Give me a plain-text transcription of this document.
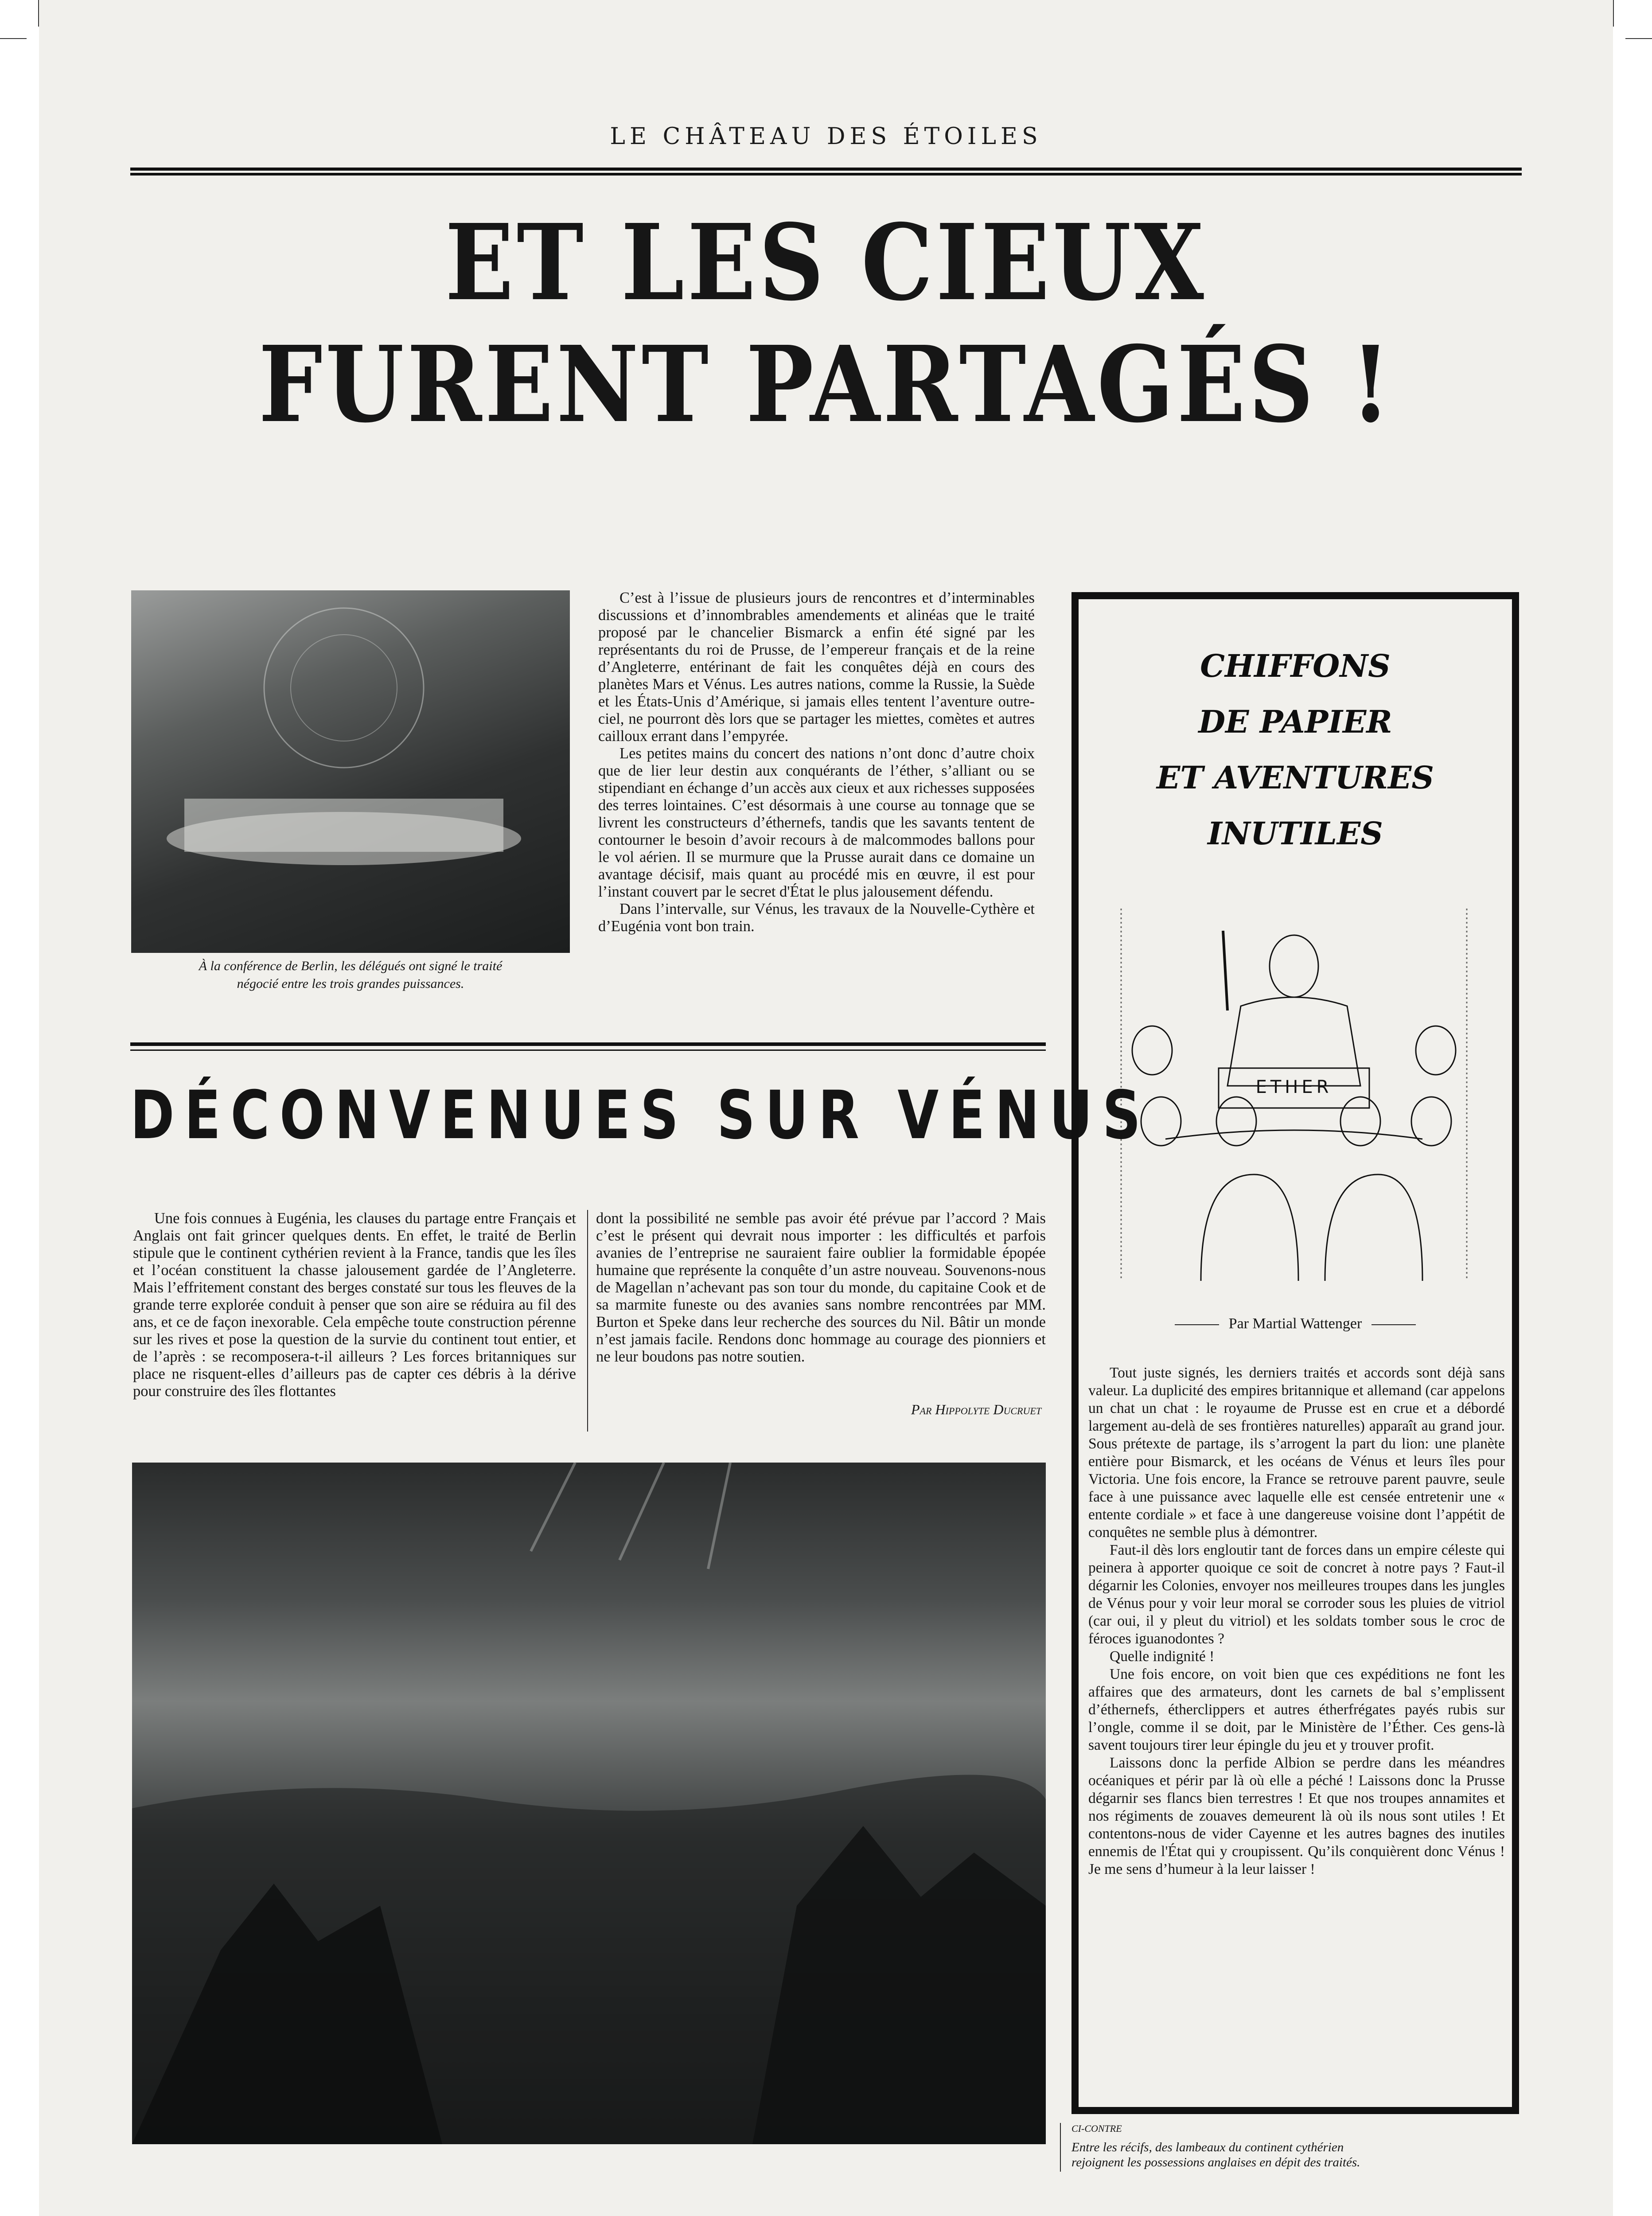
LE CHÂTEAU DES ÉTOILES
ET LES CIEUX
FURENT PARTAGÉS !
À la conférence de Berlin, les délégués ont signé le traité
négocié entre les trois grandes puissances.

C’est à l’issue de plusieurs jours de rencontres et d’interminables discussions et d’innombrables amendements et alinéas que le traité proposé par le chancelier Bismarck a enfin été signé par les représentants du roi de Prusse, de l’empereur français et de la reine d’Angleterre, entérinant de fait les conquêtes déjà en cours des planètes Mars et Vénus. Les autres nations, comme la Russie, la Suède et les États-Unis d’Amérique, si jamais elles tentent l’aventure outre-ciel, ne pourront dès lors que se partager les miettes, comètes et autres cailloux errant dans l’empyrée.

Les petites mains du concert des nations n’ont donc d’autre choix que de lier leur destin aux conquérants de l’éther, s’alliant ou se stipendiant en échange d’un accès aux cieux et aux richesses supposées des terres lointaines. C’est désormais à une course au tonnage que se livrent les constructeurs d’éthernefs, tandis que les savants tentent de contourner le besoin d’avoir recours à de malcommodes ballons pour le vol aérien. Il se murmure que la Prusse aurait dans ce domaine un avantage décisif, mais quant au procédé mis en œuvre, il est pour l’instant couvert par le secret d'État le plus jalousement défendu.

Dans l’intervalle, sur Vénus, les travaux de la Nouvelle-Cythère et d’Eugénia vont bon train.

DÉCONVENUES SUR VÉNUS

Une fois connues à Eugénia, les clauses du partage entre Français et Anglais ont fait grincer quelques dents. En effet, le traité de Berlin stipule que le continent cythérien revient à la France, tandis que les îles et l’océan constituent la chasse jalousement gardée de l’Angleterre. Mais l’effritement constant des berges constaté sur tous les fleuves de la grande terre explorée conduit à penser que son aire se réduira au fil des ans, et ce de façon inexorable. Cela empêche toute construction pérenne sur les rives et pose la question de la survie du continent tout entier, et de l’après : se recomposera-t-il ailleurs ? Les forces britanniques sur place ne risquent-elles d’ailleurs pas de capter ces débris à la dérive pour construire des îles flottantes

dont la possibilité ne semble pas avoir été prévue par l’accord ? Mais c’est le présent qui devrait nous importer : les difficultés et parfois avanies de l’entreprise ne sauraient faire oublier la formidable épopée humaine que représente la conquête d’un astre nouveau. Souvenons-nous de Magellan n’achevant pas son tour du monde, du capitaine Cook et de sa marmite funeste ou des avanies sans nombre rencontrées par MM. Burton et Speke dans leur recherche des sources du Nil. Bâtir un monde n’est jamais facile. Rendons donc hommage au courage des pionniers et ne leur boudons pas notre soutien.

Par Hippolyte Ducruet
CHIFFONS
DE PAPIER
ET AVENTURES
INUTILES
ETHER
Par Martial Wattenger

Tout juste signés, les derniers traités et accords sont déjà sans valeur. La duplicité des empires britannique et allemand (car appelons un chat un chat : le royaume de Prusse est en crue et a débordé largement au-delà de ses frontières naturelles) apparaît au grand jour. Sous prétexte de partage, ils s’arrogent la part du lion: une planète entière pour Bismarck, et les océans de Vénus et leurs îles pour Victoria. Une fois encore, la France se retrouve parent pauvre, seule face à une puissance avec laquelle elle est censée entretenir une « entente cordiale » et face à une dangereuse voisine dont l’appétit de conquêtes ne semble plus à démontrer.

Faut-il dès lors engloutir tant de forces dans un empire céleste qui peinera à apporter quoique ce soit de concret à notre pays ? Faut-il dégarnir les Colonies, envoyer nos meilleures troupes dans les jungles de Vénus pour y voir leur moral se corroder sous les pluies de vitriol (car oui, il y pleut du vitriol) et les soldats tomber sous le croc de féroces iguanodontes ?

Quelle indignité !

Une fois encore, on voit bien que ces expéditions ne font les affaires que des armateurs, dont les carnets de bal s’emplissent d’éthernefs, étherclippers et autres étherfrégates payés rubis sur l’ongle, comme il se doit, par le Ministère de l’Éther. Ces gens-là savent toujours tirer leur épingle du jeu et y trouver profit.

Laissons donc la perfide Albion se perdre dans les méandres océaniques et périr par là où elle a péché ! Laissons donc la Prusse dégarnir ses flancs bien terrestres ! Et que nos troupes annamites et nos régiments de zouaves demeurent là où ils nous sont utiles ! Et contentons-nous de vider Cayenne et les autres bagnes des inutiles ennemis de l'État qui y croupissent. Qu’ils conquièrent donc Vénus ! Je me sens d’humeur à la leur laisser !

CI-CONTRE
Entre les récifs, des lambeaux du continent cythérien
rejoignent les possessions anglaises en dépit des traités.
